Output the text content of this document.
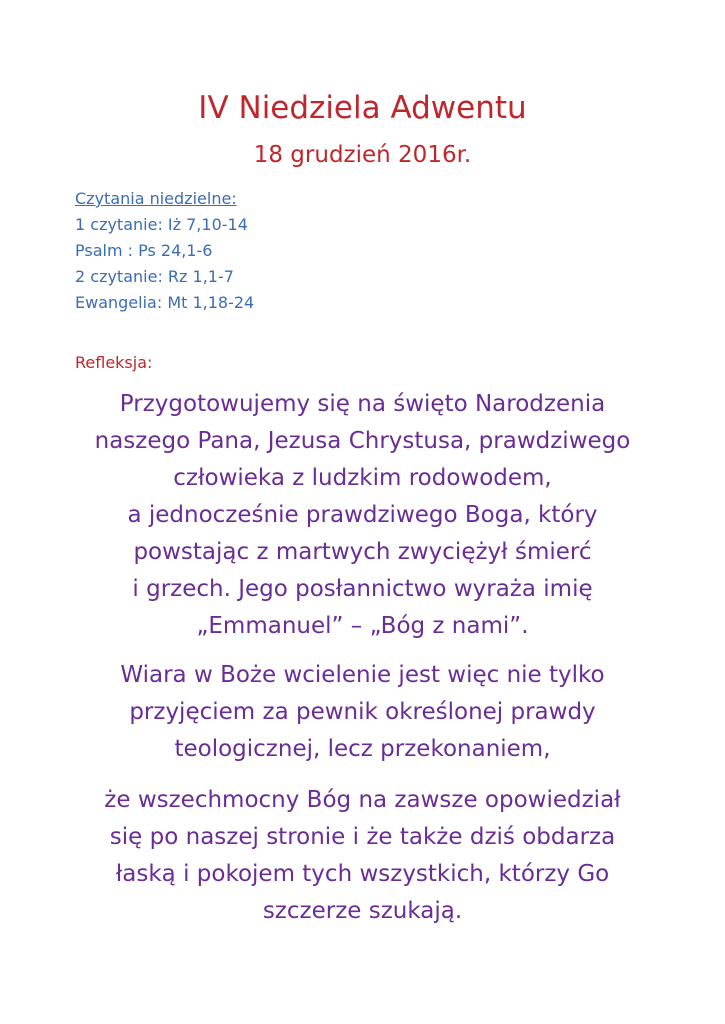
IV Niedziela Adwentu
18 grudzień 2016r.
Czytania niedzielne:
1 czytanie: Iż 7,10-14
Psalm : Ps 24,1-6
2 czytanie: Rz 1,1-7
Ewangelia: Mt 1,18-24
Refleksja:

Przygotowujemy się na święto Narodzenia

naszego Pana, Jezusa Chrystusa, prawdziwego

człowieka z ludzkim rodowodem,

a jednocześnie prawdziwego Boga, który

powstając z martwych zwyciężył śmierć

i grzech. Jego posłannictwo wyraża imię

„Emmanuel” – „Bóg z nami”.

Wiara w Boże wcielenie jest więc nie tylko

przyjęciem za pewnik określonej prawdy

teologicznej, lecz przekonaniem,

że wszechmocny Bóg na zawsze opowiedział

się po naszej stronie i że także dziś obdarza

łaską i pokojem tych wszystkich, którzy Go

szczerze szukają.
